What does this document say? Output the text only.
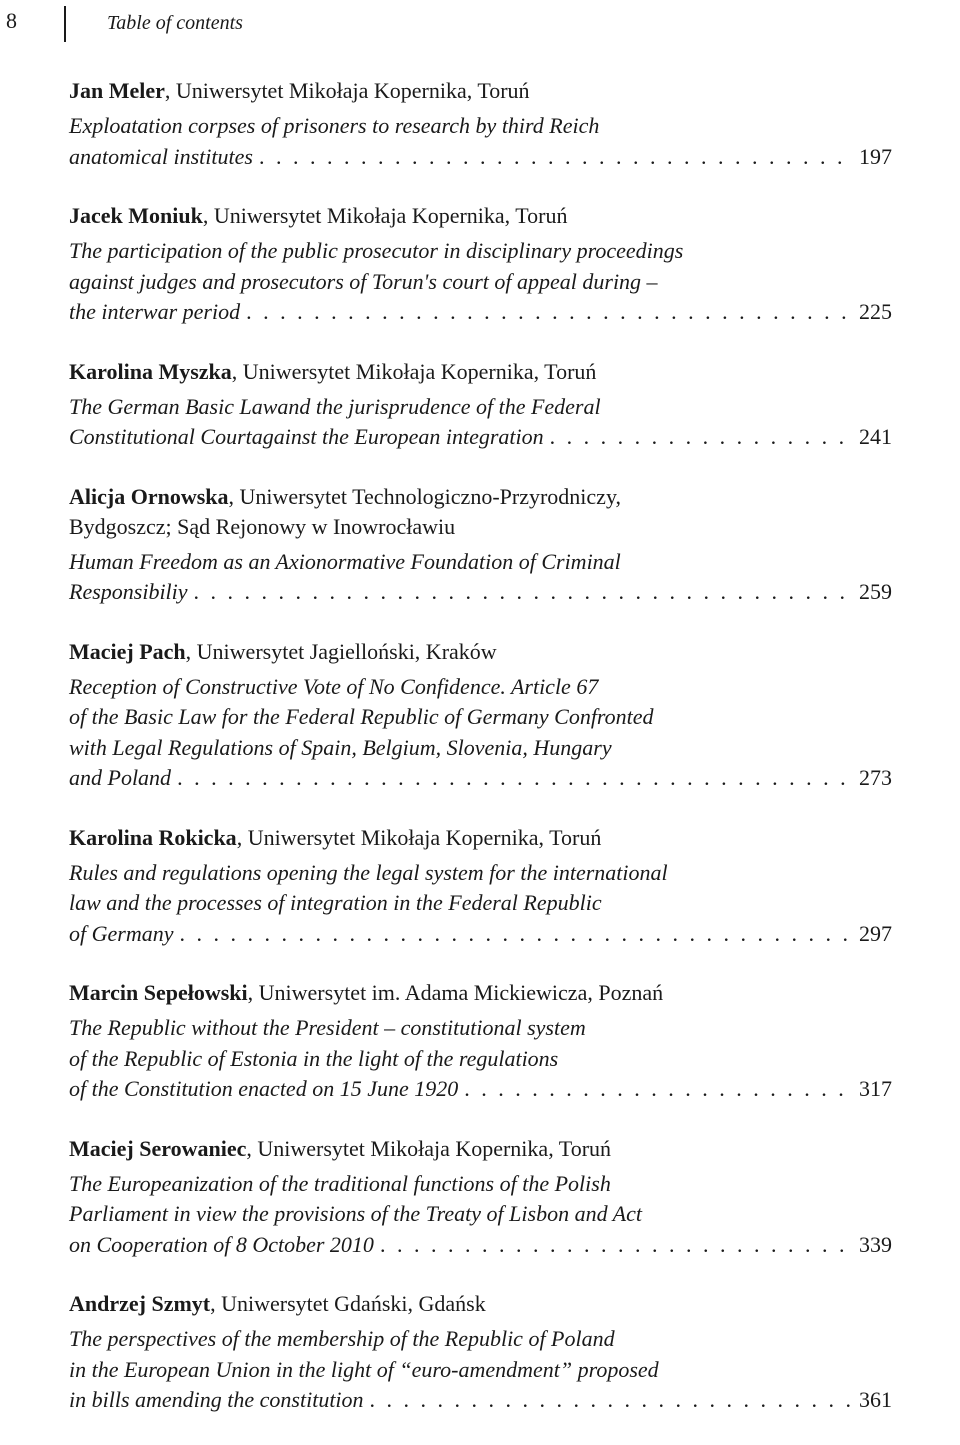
8	Table of contents
Jan Meler, Uniwersytet Mikołaja Kopernika, Toruń
Exploatation corpses of prisoners to research by third Reich
anatomical institutes . . .	197
Jacek Moniuk, Uniwersytet Mikołaja Kopernika, Toruń
The participation of the public prosecutor in disciplinary proceedings
against judges and prosecutors of Torun's court of appeal during –
the interwar period . . .	225
Karolina Myszka, Uniwersytet Mikołaja Kopernika, Toruń
The German Basic Lawand the jurisprudence of the Federal
Constitutional Courtagainst the European integration . . .	241
Alicja Ornowska, Uniwersytet Technologiczno-Przyrodniczy,
Bydgoszcz; Sąd Rejonowy w Inowrocławiu
Human Freedom as an Axionormative Foundation of Criminal
Responsibiliy . . .	259
Maciej Pach, Uniwersytet Jagielloński, Kraków
Reception of Constructive Vote of No Confidence. Article 67
of the Basic Law for the Federal Republic of Germany Confronted
with Legal Regulations of Spain, Belgium, Slovenia, Hungary
and Poland . . .	273
Karolina Rokicka, Uniwersytet Mikołaja Kopernika, Toruń
Rules and regulations opening the legal system for the international
law and the processes of integration in the Federal Republic
of Germany . . .	297
Marcin Sepełowski, Uniwersytet im. Adama Mickiewicza, Poznań
The Republic without the President – constitutional system
of the Republic of Estonia in the light of the regulations
of the Constitution enacted on 15 June 1920 . . .	317
Maciej Serowaniec, Uniwersytet Mikołaja Kopernika, Toruń
The Europeanization of the traditional functions of the Polish
Parliament in view the provisions of the Treaty of Lisbon and Act
on Cooperation of 8 October 2010 . . .	339
Andrzej Szmyt, Uniwersytet Gdański, Gdańsk
The perspectives of the membership of the Republic of Poland
in the European Union in the light of “euro-amendment” proposed
in bills amending the constitution . . .	361
